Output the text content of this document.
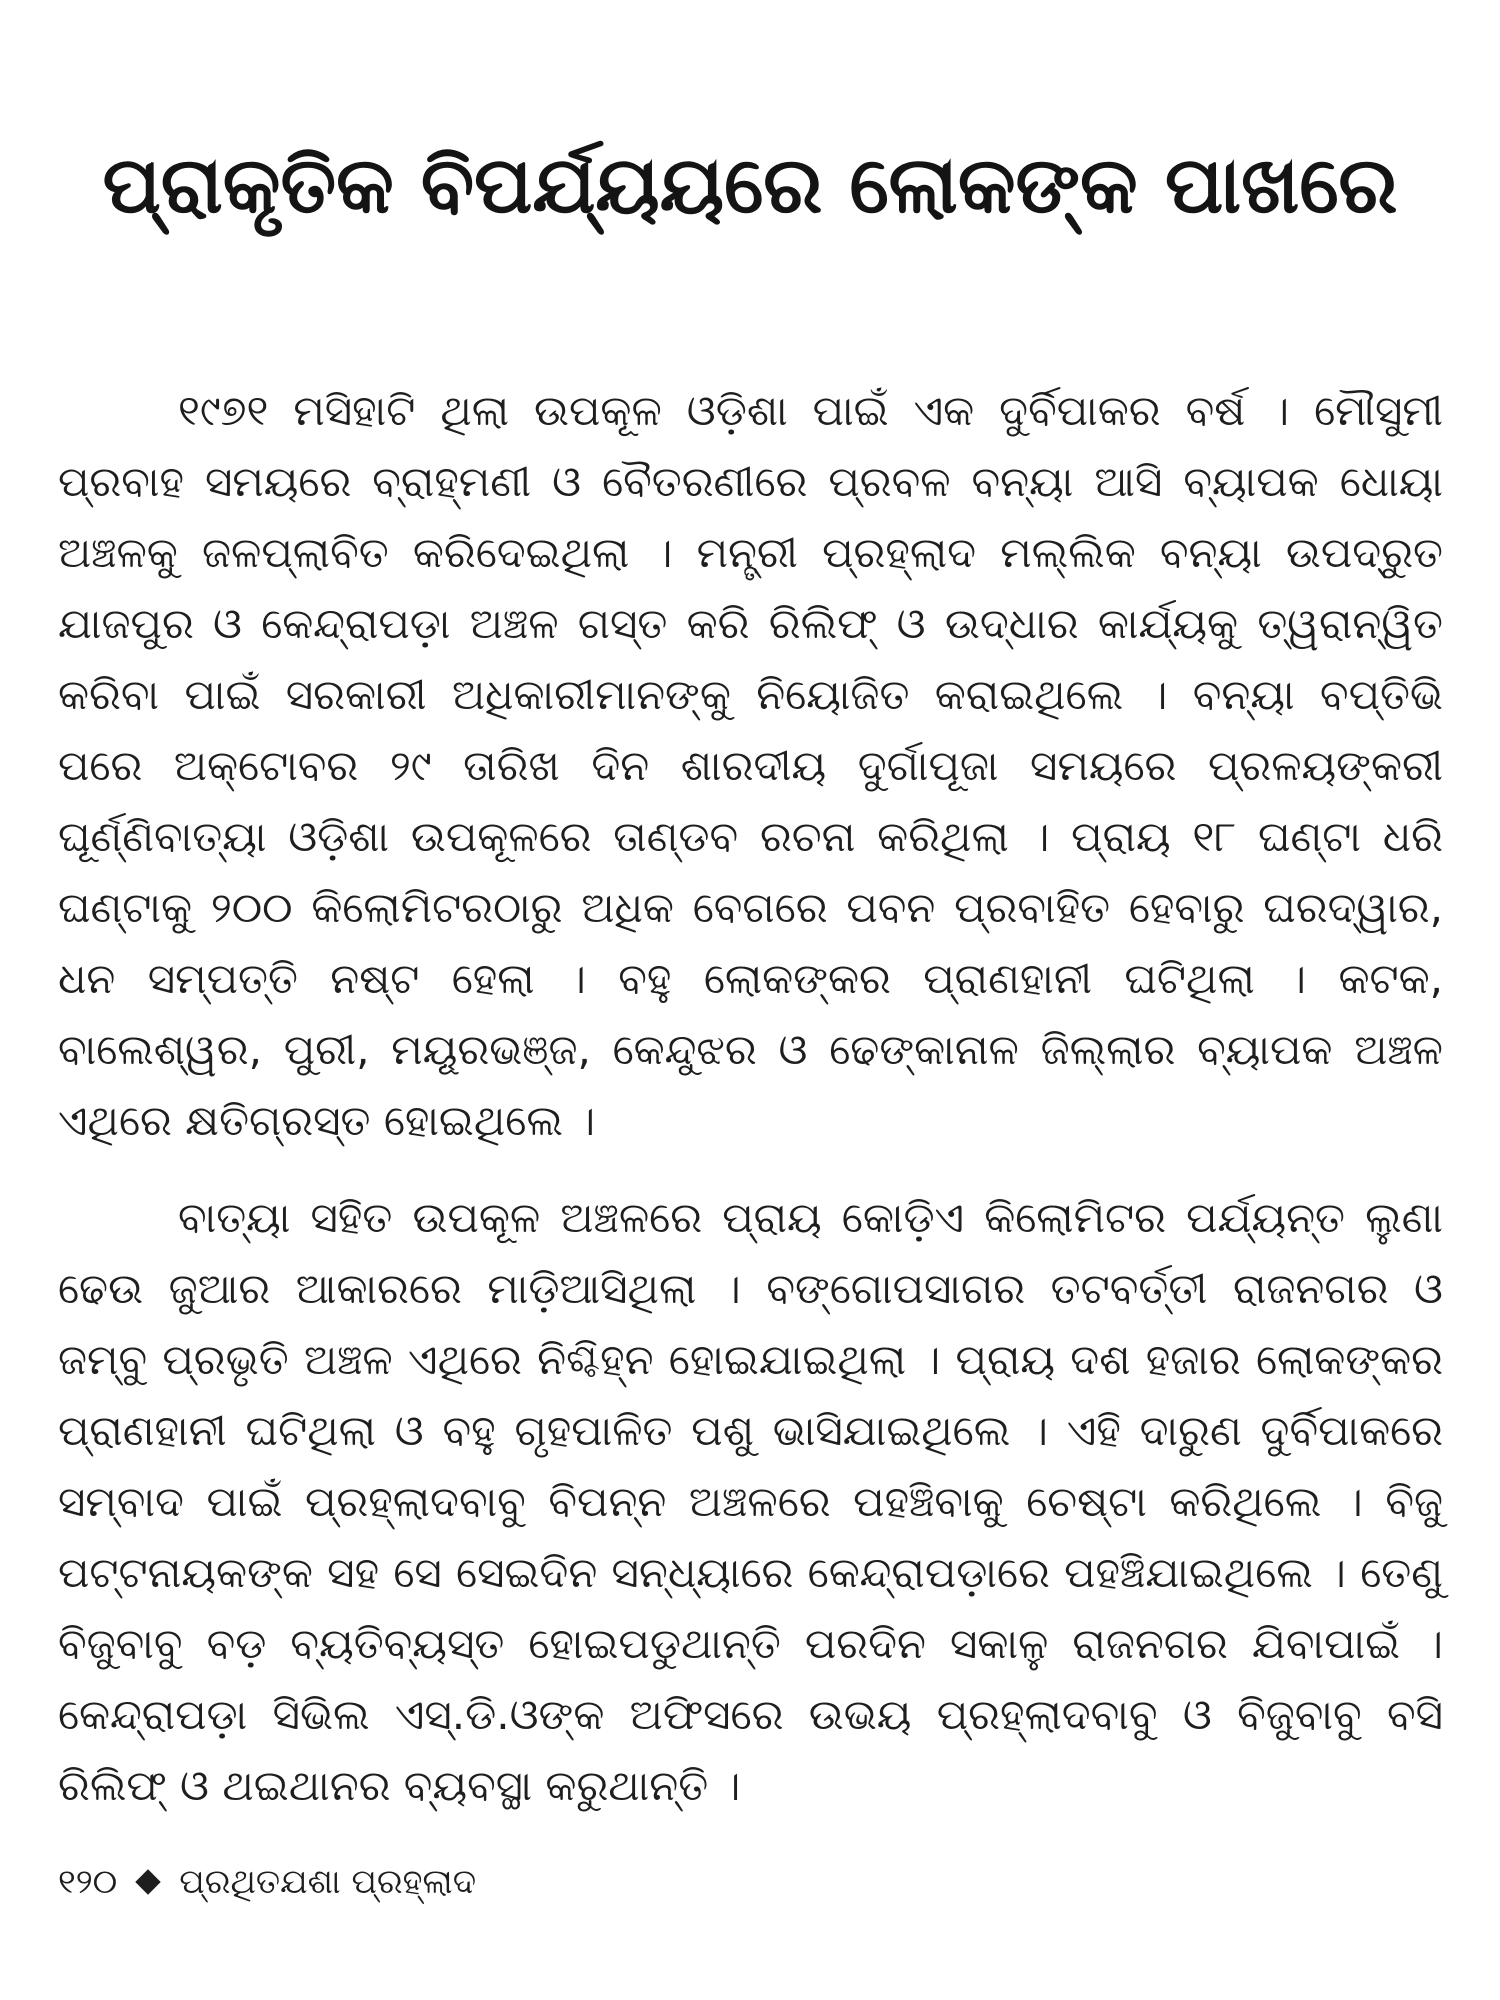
ପ୍ରାକୃତିକ ବିପର୍ଯ୍ୟୟରେ ଲୋକଙ୍କ ପାଖରେ

୧୯୭୧ ମସିହାଟି ଥିଲା ଉପକୂଳ ଓଡ଼ିଶା ପାଇଁ ଏକ ଦୁର୍ବିପାକର ବର୍ଷ । ମୌସୁମୀ ପ୍ରବାହ ସମୟରେ ବ୍ରାହ୍ମଣୀ ଓ ବୈତରଣୀରେ ପ୍ରବଳ ବନ୍ୟା ଆସି ବ୍ୟାପକ ଧୋୟା ଅଞ୍ଚଳକୁ ଜଳପ୍ଲାବିତ କରିଦେଇଥିଲା । ମନ୍ତ୍ରୀ ପ୍ରହ୍ଲାଦ ମଲ୍ଲିକ ବନ୍ୟା ଉପଦ୍ରୁତ ଯାଜପୁର ଓ କେନ୍ଦ୍ରାପଡ଼ା ଅଞ୍ଚଳ ଗସ୍ତ କରି ରିଲିଫ୍ ଓ ଉଦ୍ଧାର କାର୍ଯ୍ୟକୁ ତ୍ୱରାନ୍ୱିତ କରିବା ପାଇଁ ସରକାରୀ ଅଧିକାରୀମାନଙ୍କୁ ନିୟୋଜିତ କରାଇଥିଲେ । ବନ୍ୟା ବପ୍ତିଭି ପରେ ଅକ୍ଟୋବର ୨୯ ତାରିଖ ଦିନ ଶାରଦୀୟ ଦୁର୍ଗାପୂଜା ସମୟରେ ପ୍ରଳୟଙ୍କରୀ ଘୂର୍ଣ୍ଣିବାତ୍ୟା ଓଡ଼ିଶା ଉପକୂଳରେ ତାଣ୍ଡବ ରଚନା କରିଥିଲା । ପ୍ରାୟ ୧୮ ଘଣ୍ଟା ଧରି ଘଣ୍ଟାକୁ ୨୦୦ କିଲୋମିଟରଠାରୁ ଅଧିକ ବେଗରେ ପବନ ପ୍ରବାହିତ ହେବାରୁ ଘରଦ୍ୱାର, ଧନ ସମ୍ପତ୍ତି ନଷ୍ଟ ହେଲା । ବହୁ ଲୋକଙ୍କର ପ୍ରାଣହାନୀ ଘଟିଥିଲା । କଟକ, ବାଲେଶ୍ୱର, ପୁରୀ, ମୟୂରଭଞ୍ଜ, କେନ୍ଦୁଝର ଓ ଢେଙ୍କାନାଳ ଜିଲ୍ଲାର ବ୍ୟାପକ ଅଞ୍ଚଳ ଏଥିରେ କ୍ଷତିଗ୍ରସ୍ତ ହୋଇଥିଲେ ।

ବାତ୍ୟା ସହିତ ଉପକୂଳ ଅଞ୍ଚଳରେ ପ୍ରାୟ କୋଡ଼ିଏ କିଲୋମିଟର ପର୍ଯ୍ୟନ୍ତ ଲୁଣା ଢେଉ ଜୁଆର ଆକାରରେ ମାଡ଼ିଆସିଥିଲା । ବଙ୍ଗୋପସାଗର ତଟବର୍ତ୍ତୀ ରାଜନଗର ଓ ଜମ୍ବୁ ପ୍ରଭୃତି ଅଞ୍ଚଳ ଏଥିରେ ନିଶ୍ଚିହ୍ନ ହୋଇଯାଇଥିଲା । ପ୍ରାୟ ଦଶ ହଜାର ଲୋକଙ୍କର ପ୍ରାଣହାନୀ ଘଟିଥିଲା ଓ ବହୁ ଗୃହପାଳିତ ପଶୁ ଭାସିଯାଇଥିଲେ । ଏହି ଦାରୁଣ ଦୁର୍ବିପାକରେ ସମ୍ବାଦ ପାଇଁ ପ୍ରହ୍ଲାଦବାବୁ ବିପନ୍ନ ଅଞ୍ଚଳରେ ପହଞ୍ଚିବାକୁ ଚେଷ୍ଟା କରିଥିଲେ । ବିଜୁ ପଟ୍ଟନାୟକଙ୍କ ସହ ସେ ସେଇଦିନ ସନ୍ଧ୍ୟାରେ କେନ୍ଦ୍ରାପଡ଼ାରେ ପହଞ୍ଚିଯାଇଥିଲେ । ତେଣୁ ବିଜୁବାବୁ ବଡ଼ ବ୍ୟତିବ୍ୟସ୍ତ ହୋଇପଡୁଥାନ୍ତି ପରଦିନ ସକାଳୁ ରାଜନଗର ଯିବାପାଇଁ । କେନ୍ଦ୍ରାପଡ଼ା ସିଭିଲ ଏସ୍.ଡି.ଓଙ୍କ ଅଫିସରେ ଉଭୟ ପ୍ରହ୍ଲାଦବାବୁ ଓ ବିଜୁବାବୁ ବସି ରିଲିଫ୍ ଓ ଥଇଥାନର ବ୍ୟବସ୍ଥା କରୁଥାନ୍ତି ।

୧୨୦ ପ୍ରଥିତଯଶା ପ୍ରହ୍ଲାଦ
